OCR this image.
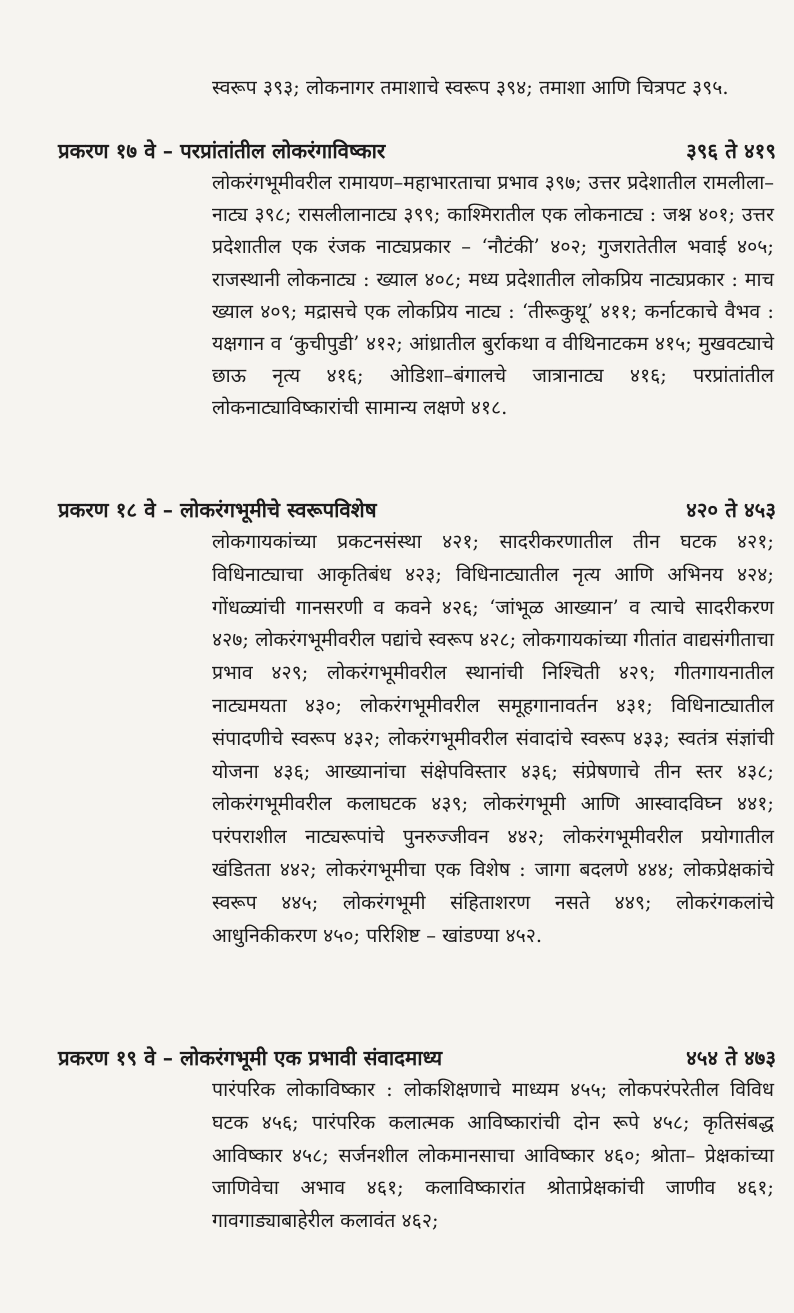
स्वरूप ३९३; लोकनागर तमाशाचे स्वरूप ३९४; तमाशा आणि चित्रपट ३९५.

प्रकरण १७ वे – परप्रांतांतील लोकरंगाविष्कार	३९६ ते ४१९

लोकरंगभूमीवरील रामायण–महाभारताचा प्रभाव ३९७; उत्तर प्रदेशातील रामलीला–नाट्य ३९८; रासलीलानाट्य ३९९; काश्मिरातील एक लोकनाट्य : जश्न ४०१; उत्तर प्रदेशातील एक रंजक नाट्यप्रकार – ‘नौटंकी’ ४०२; गुजरातेतील भवाई ४०५; राजस्थानी लोकनाट्य : ख्याल ४०८; मध्य प्रदेशातील लोकप्रिय नाट्यप्रकार : माच ख्याल ४०९; मद्रासचे एक लोकप्रिय नाट्य : ‘तीरूकुथू’ ४११; कर्नाटकाचे वैभव : यक्षगान व ‘कुचीपुडी’ ४१२; आंध्रातील बुर्राकथा व वीथिनाटकम ४१५; मुखवट्याचे छाऊ नृत्य ४१६; ओडिशा–बंगालचे जात्रानाट्य ४१६; परप्रांतांतील लोकनाट्याविष्कारांची सामान्य लक्षणे ४१८.

प्रकरण १८ वे – लोकरंगभूमीचे स्वरूपविशेष	४२० ते ४५३

लोकगायकांच्या प्रकटनसंस्था ४२१; सादरीकरणातील तीन घटक ४२१; विधिनाट्याचा आकृतिबंध ४२३; विधिनाट्यातील नृत्य आणि अभिनय ४२४; गोंधळ्यांची गानसरणी व कवने ४२६; ‘जांभूळ आख्यान’ व त्याचे सादरीकरण ४२७; लोकरंगभूमीवरील पद्यांचे स्वरूप ४२८; लोकगायकांच्या गीतांत वाद्यसंगीताचा प्रभाव ४२९; लोकरंगभूमीवरील स्थानांची निश्चिती ४२९; गीतगायनातील नाट्यमयता ४३०; लोकरंगभूमीवरील समूहगानावर्तन ४३१; विधिनाट्यातील संपादणीचे स्वरूप ४३२; लोकरंगभूमीवरील संवादांचे स्वरूप ४३३; स्वतंत्र संज्ञांची योजना ४३६; आख्यानांचा संक्षेपविस्तार ४३६; संप्रेषणाचे तीन स्तर ४३८; लोकरंगभूमीवरील कलाघटक ४३९; लोकरंगभूमी आणि आस्वादविघ्न ४४१; परंपराशील नाट्यरूपांचे पुनरुज्जीवन ४४२; लोकरंगभूमीवरील प्रयोगातील खंडितता ४४२; लोकरंगभूमीचा एक विशेष : जागा बदलणे ४४४; लोकप्रेक्षकांचे स्वरूप ४४५; लोकरंगभूमी संहिताशरण नसते ४४९; लोकरंगकलांचे आधुनिकीकरण ४५०; परिशिष्ट – खांडण्या ४५२.

प्रकरण १९ वे – लोकरंगभूमी एक प्रभावी संवादमाध्य	४५४ ते ४७३

पारंपरिक लोकाविष्कार : लोकशिक्षणाचे माध्यम ४५५; लोकपरंपरेतील विविध घटक ४५६; पारंपरिक कलात्मक आविष्कारांची दोन रूपे ४५८; कृतिसंबद्ध आविष्कार ४५८; सर्जनशील लोकमानसाचा आविष्कार ४६०; श्रोता– प्रेक्षकांच्या जाणिवेचा अभाव ४६१; कलाविष्कारांत श्रोताप्रेक्षकांची जाणीव ४६१; गावगाड्याबाहेरील कलावंत ४६२;
